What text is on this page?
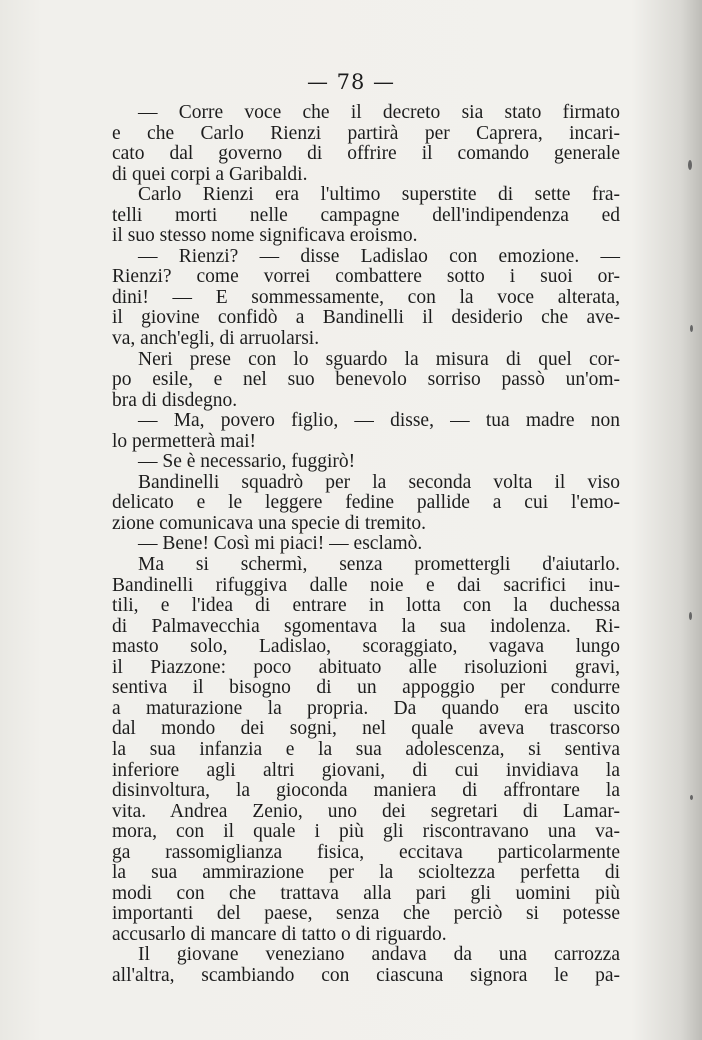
— 78 —
— Corre voce che il decreto sia stato firmato
e che Carlo Rienzi partirà per Caprera, incari-
cato dal governo di offrire il comando generale
di quei corpi a Garibaldi.
Carlo Rienzi era l'ultimo superstite di sette fra-
telli morti nelle campagne dell'indipendenza ed
il suo stesso nome significava eroismo.
— Rienzi? — disse Ladislao con emozione. —
Rienzi? come vorrei combattere sotto i suoi or-
dini! — E sommessamente, con la voce alterata,
il giovine confidò a Bandinelli il desiderio che ave-
va, anch'egli, di arruolarsi.
Neri prese con lo sguardo la misura di quel cor-
po esile, e nel suo benevolo sorriso passò un'om-
bra di disdegno.
— Ma, povero figlio, — disse, — tua madre non
lo permetterà mai!
— Se è necessario, fuggirò!
Bandinelli squadrò per la seconda volta il viso
delicato e le leggere fedine pallide a cui l'emo-
zione comunicava una specie di tremito.
— Bene! Così mi piaci! — esclamò.
Ma si schermì, senza promettergli d'aiutarlo.
Bandinelli rifuggiva dalle noie e dai sacrifici inu-
tili, e l'idea di entrare in lotta con la duchessa
di Palmavecchia sgomentava la sua indolenza. Ri-
masto solo, Ladislao, scoraggiato, vagava lungo
il Piazzone: poco abituato alle risoluzioni gravi,
sentiva il bisogno di un appoggio per condurre
a maturazione la propria. Da quando era uscito
dal mondo dei sogni, nel quale aveva trascorso
la sua infanzia e la sua adolescenza, si sentiva
inferiore agli altri giovani, di cui invidiava la
disinvoltura, la gioconda maniera di affrontare la
vita. Andrea Zenio, uno dei segretari di Lamar-
mora, con il quale i più gli riscontravano una va-
ga rassomiglianza fisica, eccitava particolarmente
la sua ammirazione per la scioltezza perfetta di
modi con che trattava alla pari gli uomini più
importanti del paese, senza che perciò si potesse
accusarlo di mancare di tatto o di riguardo.
Il giovane veneziano andava da una carrozza
all'altra, scambiando con ciascuna signora le pa-
